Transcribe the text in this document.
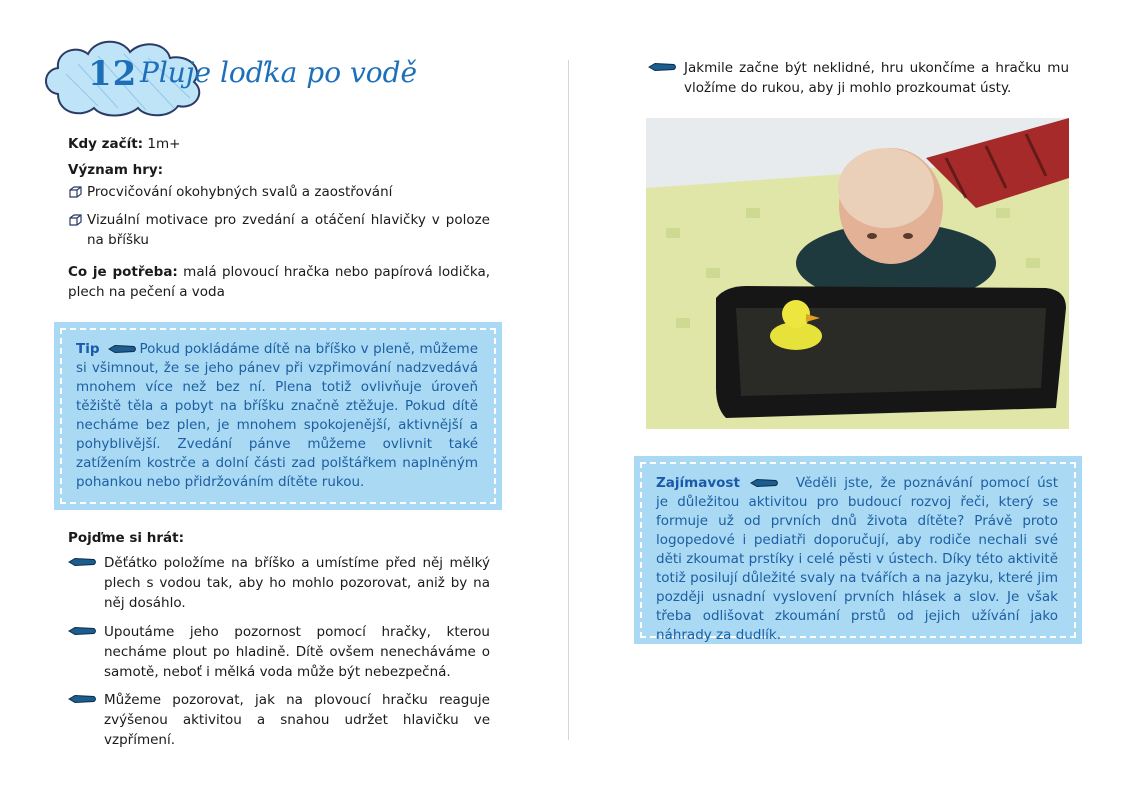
12
Kdy začít: 1m+
Význam hry:
Procvičování okohybných svalů a zaostřování
Vizuální motivace pro zvedání a otáčení hlavičky v poloze na bříšku
Co je potřeba: malá plovoucí hračka nebo papírová lodička, plech na pečení a voda
Tip	Pokud pokládáme dítě na bříško v pleně, můžeme si všimnout, že se jeho pánev při vzpřimování nadzvedává mnohem více než bez ní. Plena totiž ovlivňuje úroveň těžiště těla a pobyt na bříšku značně ztěžuje. Pokud dítě necháme bez plen, je mnohem spokojenější, aktivnější a pohyblivější. Zvedání pánve můžeme ovlivnit také zatížením kostrče a dolní části zad polštářkem naplněným pohankou nebo přidržováním dítěte rukou.
Pojďme si hrát:
Děťátko položíme na bříško a umístíme před něj mělký plech s vodou tak, aby ho mohlo pozorovat, aniž by na něj dosáhlo.
Upoutáme jeho pozornost pomocí hračky, kterou necháme plout po hladině. Dítě ovšem nenecháváme o samotě, neboť i mělká voda může být nebezpečná.
Můžeme pozorovat, jak na plovoucí hračku reaguje zvýšenou aktivitou a snahou udržet hlavičku ve vzpřímení.
Pluje loďka po vodě	Jakmile začne být neklidné, hru ukončíme a hračku mu vložíme do rukou, aby ji mohlo prozkoumat ústy.
Zajímavost	Věděli jste, že poznávání pomocí úst je důležitou aktivitou pro budoucí rozvoj řeči, který se formuje už od prvních dnů života dítěte? Právě proto logopedové i pediatři doporučují, aby rodiče nechali své děti zkoumat prstíky i celé pěsti v ústech. Díky této aktivitě totiž posilují důležité svaly na tvářích a na jazyku, které jim později usnadní vyslovení prvních hlásek a slov. Je však třeba odlišovat zkoumání prstů od jejich užívání jako náhrady za dudlík.
